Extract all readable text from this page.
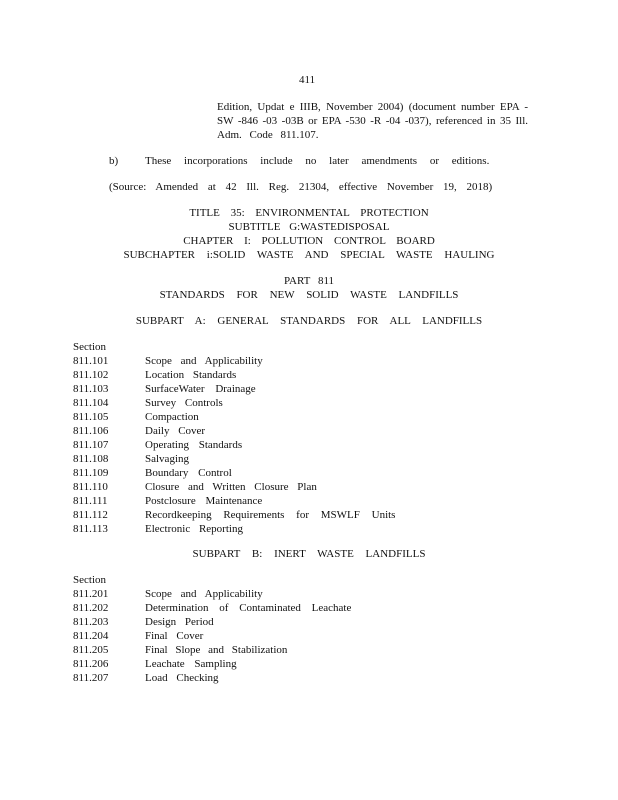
411
Edition, Updat e IIIB, November 2004) (document number EPA -
SW -846 -03 -03B or EPA -530 -R -04 -037), referenced in 35 Ill.
Adm. Code 811.107.
b) These incorporations include no later amendments or editions.
(Source: Amended at 42 Ill. Reg. 21304, effective November 19, 2018)
TITLE 35: ENVIRONMENTAL PROTECTION
SUBTITLE G:WASTEDISPOSAL
CHAPTER I: POLLUTION CONTROL BOARD
SUBCHAPTER i:SOLID WASTE AND SPECIAL WASTE HAULING
PART 811
STANDARDS FOR NEW SOLID WASTE LANDFILLS
SUBPART A: GENERAL STANDARDS FOR ALL LANDFILLS
Section
811.101	Scope and Applicability
811.102	Location Standards
811.103	SurfaceWater Drainage
811.104	Survey Controls
811.105	Compaction
811.106	Daily Cover
811.107	Operating Standards
811.108	Salvaging
811.109	Boundary Control
811.110	Closure and Written Closure Plan
811.111	Postclosure Maintenance
811.112	Recordkeeping Requirements for MSWLF Units
811.113	Electronic Reporting
SUBPART B: INERT WASTE LANDFILLS
Section
811.201	Scope and Applicability
811.202	Determination of Contaminated Leachate
811.203	Design Period
811.204	Final Cover
811.205	Final Slope and Stabilization
811.206	Leachate Sampling
811.207	Load Checking
